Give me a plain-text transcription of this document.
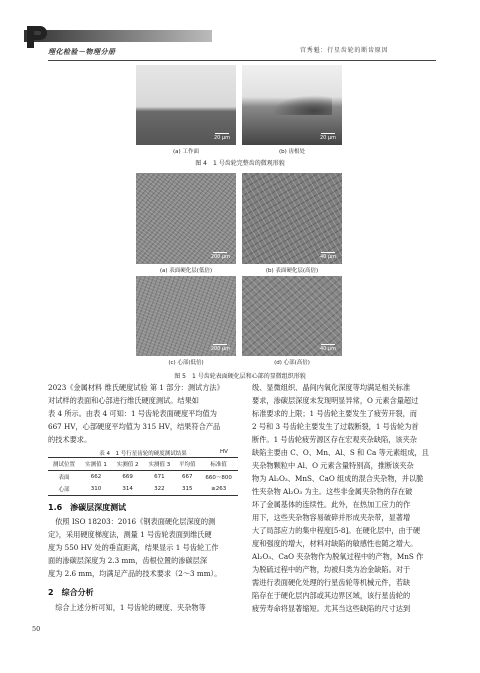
理化检验－物理分册	宫秀魁：行星齿轮的断齿原因
20 μm	20 μm
(a) 工作面	(b) 齿根处
图 4　1 号齿轮完整齿的微观形貌
200 μm	40 μm
(a) 表面硬化层(低倍)	(b) 表面硬化层(高倍)
200 μm	40 μm
(c) 心部(低倍)	(d) 心部(高倍)
图 5　1 号齿轮表面硬化层和心部的显微组织形貌
2023《金属材料 维氏硬度试验 第 1 部分：测试方法》
对试样的表面和心部进行维氏硬度测试。结果如
表 4 所示。由表 4 可知：1 号齿轮表面硬度平均值为
667 HV，心部硬度平均值为 315 HV，结果符合产品
的技术要求。
表 4　1 号行星齿轮的硬度测试结果	HV
测试位置	实测值 1	实测值 2	实测值 3	平均值	标准值
表面	662	669	671	667	660～800
心部	310	314	322	315	≥263
1.6　渗碳层深度测试
　依照 ISO 18203：2016《钢表面硬化层深度的测
定》，采用硬度梯度法，测量 1 号齿轮表面到维氏硬
度为 550 HV 处的垂直距离，结果显示 1 号齿轮工作
面的渗碳层深度为 2.3 mm，齿根位置的渗碳层深
度为 2.6 mm，均满足产品的技术要求（2～3 mm）。
2　综合分析
　综合上述分析可知，1 号齿轮的硬度、夹杂物等
级、显微组织、晶间内氧化深度等均满足相关标准
要求，渗碳层深度未发现明显异常，O 元素含量超过
标准要求的上限；1 号齿轮主要发生了疲劳开裂，而
2 号和 3 号齿轮主要发生了过载断裂，1 号齿轮为首
断件。1 号齿轮疲劳源区存在宏观夹杂缺陷，该夹杂
缺陷主要由 C、O、Mn、Al、S 和 Ca 等元素组成，且
夹杂物颗粒中 Al、O 元素含量特别高，推断该夹杂
物为 Al₂O₃、MnS、CaO 组成的混合夹杂物，并以脆
性夹杂物 Al₂O₃ 为主。这些非金属夹杂物的存在破
坏了金属基体的连续性。此外，在热加工应力的作
用下，这些夹杂物容易破碎并形成夹杂带，显著增
大了局部应力的集中程度[5-8]。在硬化层中，由于硬
度和强度的增大，材料对缺陷的敏感性也随之增大。
Al₂O₃、CaO 夹杂物作为脱氧过程中的产物，MnS 作
为脱硫过程中的产物，均被归类为冶金缺陷。对于
需进行表面硬化处理的行星齿轮等机械元件，若缺
陷存在于硬化层内部或其边界区域，该行星齿轮的
疲劳寿命将显著缩短。尤其当这些缺陷的尺寸达到
50
